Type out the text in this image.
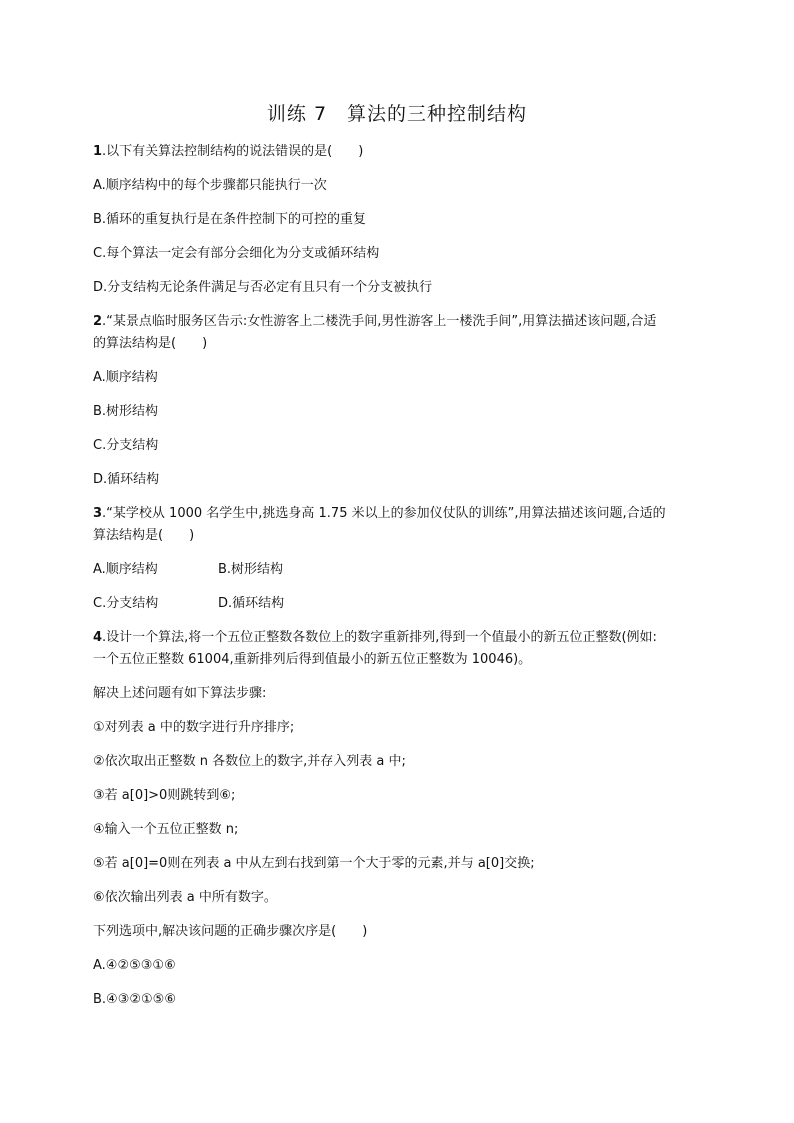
训练 7　算法的三种控制结构
1.以下有关算法控制结构的说法错误的是(　　)
A.顺序结构中的每个步骤都只能执行一次
B.循环的重复执行是在条件控制下的可控的重复
C.每个算法一定会有部分会细化为分支或循环结构
D.分支结构无论条件满足与否必定有且只有一个分支被执行
2.“某景点临时服务区告示:女性游客上二楼洗手间,男性游客上一楼洗手间”,用算法描述该问题,合适
的算法结构是(　　)
A.顺序结构
B.树形结构
C.分支结构
D.循环结构
3.“某学校从 1000 名学生中,挑选身高 1.75 米以上的参加仪仗队的训练”,用算法描述该问题,合适的
算法结构是(　　)
A.顺序结构	B.树形结构
C.分支结构	D.循环结构
4.设计一个算法,将一个五位正整数各数位上的数字重新排列,得到一个值最小的新五位正整数(例如:
一个五位正整数 61004,重新排列后得到值最小的新五位正整数为 10046)。
解决上述问题有如下算法步骤:
①对列表 a 中的数字进行升序排序;
②依次取出正整数 n 各数位上的数字,并存入列表 a 中;
③若 a[0]>0则跳转到⑥;
④输入一个五位正整数 n;
⑤若 a[0]=0则在列表 a 中从左到右找到第一个大于零的元素,并与 a[0]交换;
⑥依次输出列表 a 中所有数字。
下列选项中,解决该问题的正确步骤次序是(　　)
A.④②⑤③①⑥
B.④③②①⑤⑥
